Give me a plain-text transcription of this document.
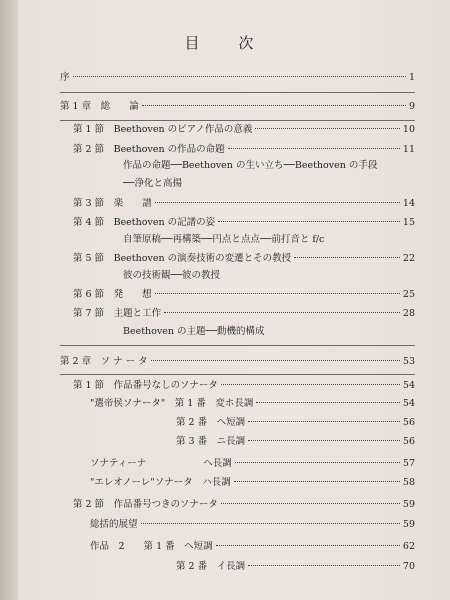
目　次
序	1
第 1 章　総　　論	9
第 1 節　Beethoven のピアノ作品の意義	10
第 2 節　Beethoven の作品の命題	11
作品の命題──Beethoven の生い立ち──Beethoven の手段
──浄化と高揚
第 3 節　楽　　譜	14
第 4 節　Beethoven の記譜の姿	15
自筆原稿──再構築──円点と点点──前打音と f/c
第 5 節　Beethoven の演奏技術の変遷とその教授	22
彼の技術観──彼の教授
第 6 節　発　　想	25
第 7 節　主題と工作	28
Beethoven の主題──動機的構成
第 2 章　ソ ナ ー タ	53
第 1 節　作品番号なしのソナータ	54
"選帝侯ソナータ"　第 1 番　変ホ長調	54
第 2 番　ヘ短調	56
第 3 番　ニ長調	56
ソナティーナ　　　　　　ヘ長調	57
"エレオノーレ"ソナータ　ハ長調	58
第 2 節　作品番号つきのソナータ	59
総括的展望	59
作品　2　　第 1 番　ヘ短調	62
第 2 番　イ長調	70
